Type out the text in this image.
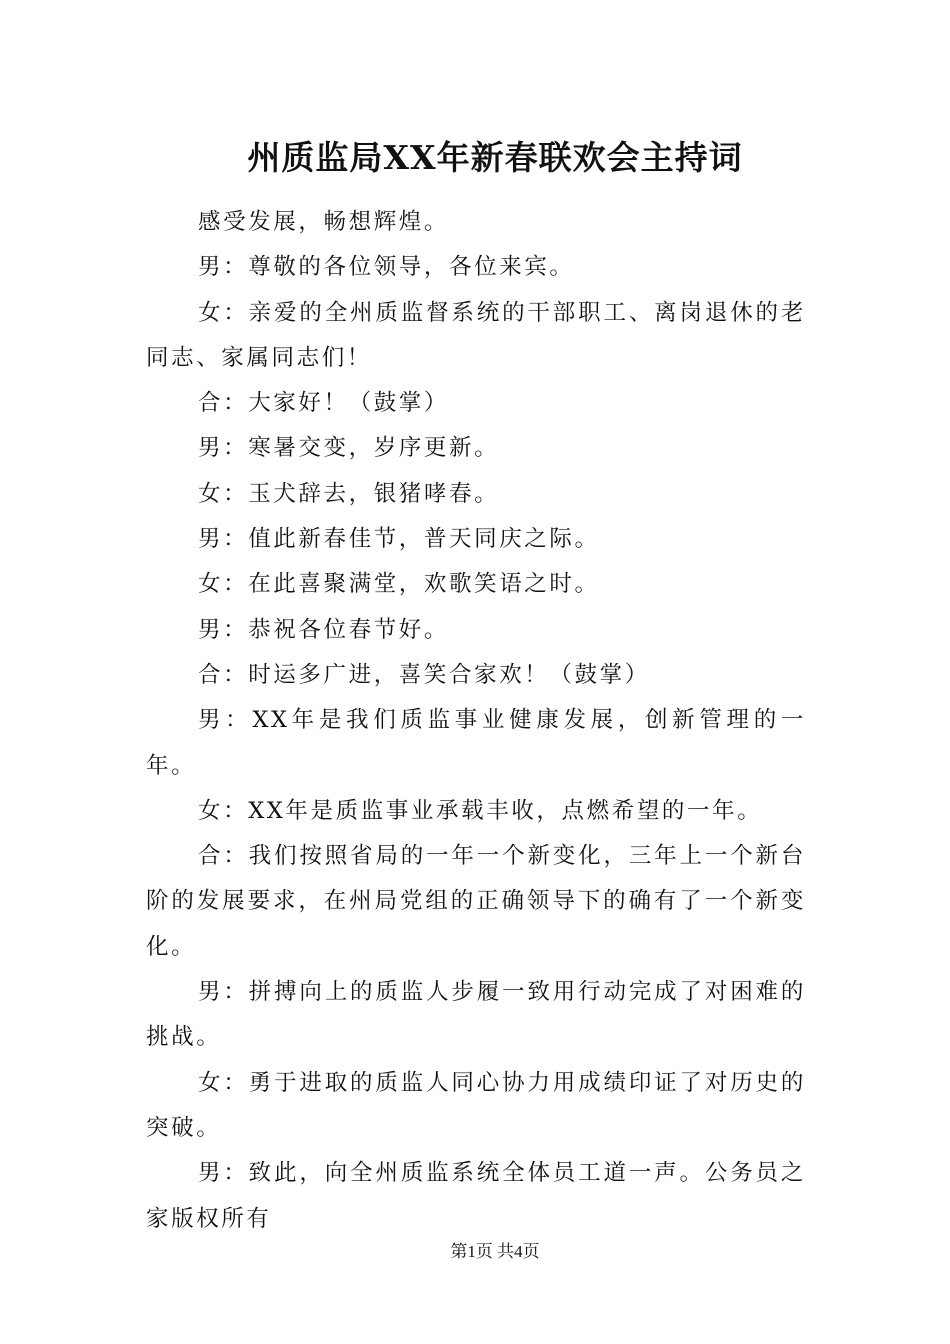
州质监局XX年新春联欢会主持词

感受发展，畅想辉煌。

男：尊敬的各位领导，各位来宾。

女：亲爱的全州质监督系统的干部职工、离岗退休的老同志、家属同志们！

合：大家好！（鼓掌）

男：寒暑交变，岁序更新。

女：玉犬辞去，银猪哮春。

男：值此新春佳节，普天同庆之际。

女：在此喜聚满堂，欢歌笑语之时。

男：恭祝各位春节好。

合：时运多广进，喜笑合家欢！（鼓掌）

男：XX年是我们质监事业健康发展，创新管理的一年。

女：XX年是质监事业承载丰收，点燃希望的一年。

合：我们按照省局的一年一个新变化，三年上一个新台阶的发展要求，在州局党组的正确领导下的确有了一个新变化。

男：拼搏向上的质监人步履一致用行动完成了对困难的挑战。

女：勇于进取的质监人同心协力用成绩印证了对历史的突破。

男：致此，向全州质监系统全体员工道一声。公务员之家版权所有

第1页 共4页
